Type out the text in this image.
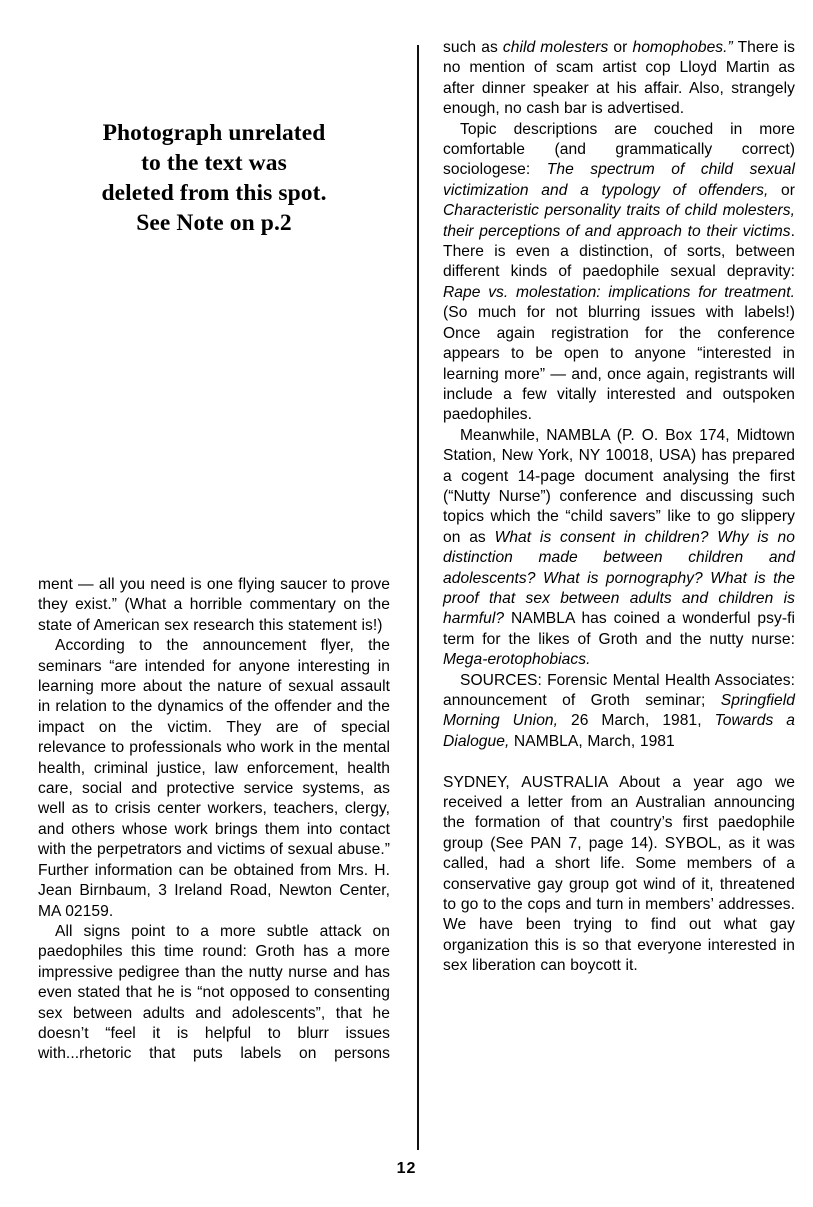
Photograph unrelated
to the text was
deleted from this spot.
See Note on p.2

ment — all you need is one flying saucer to prove they exist.” (What a horrible commentary on the state of American sex research this statement is!)

According to the announcement flyer, the seminars “are intended for anyone interesting in learning more about the nature of sexual assault in relation to the dynamics of the offender and the impact on the victim. They are of special relevance to professionals who work in the mental health, criminal justice, law enforcement, health care, social and protective service systems, as well as to crisis center workers, teachers, clergy, and others whose work brings them into contact with the perpetrators and victims of sexual abuse.” Further information can be obtained from Mrs. H. Jean Birnbaum, 3 Ireland Road, Newton Center, MA 02159.

All signs point to a more subtle attack on paedophiles this time round: Groth has a more impressive pedigree than the nutty nurse and has even stated that he is “not opposed to consenting sex between adults and adolescents”, that he doesn’t “feel it is helpful to blurr issues with...rhetoric that puts labels on persons

such as child molesters or homophobes.” There is no mention of scam artist cop Lloyd Martin as after dinner speaker at his affair. Also, strangely enough, no cash bar is advertised.

Topic descriptions are couched in more comfortable (and grammatically correct) sociologese: The spectrum of child sexual victimization and a typology of offenders, or Characteristic personality traits of child molesters, their perceptions of and approach to their victims. There is even a distinction, of sorts, between different kinds of paedophile sexual depravity: Rape vs. molestation: implications for treatment. (So much for not blurring issues with labels!) Once again registration for the conference appears to be open to anyone “interested in learning more” — and, once again, registrants will include a few vitally interested and outspoken paedophiles.

Meanwhile, NAMBLA (P. O. Box 174, Midtown Station, New York, NY 10018, USA) has prepared a cogent 14-page document analysing the first (“Nutty Nurse”) conference and discussing such topics which the “child savers” like to go slippery on as What is consent in children? Why is no distinction made between children and adolescents? What is pornography? What is the proof that sex between adults and children is harmful? NAMBLA has coined a wonderful psy-fi term for the likes of Groth and the nutty nurse: Mega-erotophobiacs.

SOURCES: Forensic Mental Health Associates: announcement of Groth seminar; Springfield Morning Union, 26 March, 1981, Towards a Dialogue, NAMBLA, March, 1981

SYDNEY, AUSTRALIA About a year ago we received a letter from an Australian announcing the formation of that country’s first paedophile group (See PAN 7, page 14). SYBOL, as it was called, had a short life. Some members of a conservative gay group got wind of it, threatened to go to the cops and turn in members’ addresses. We have been trying to find out what gay organization this is so that everyone interested in sex liberation can boycott it.

12
